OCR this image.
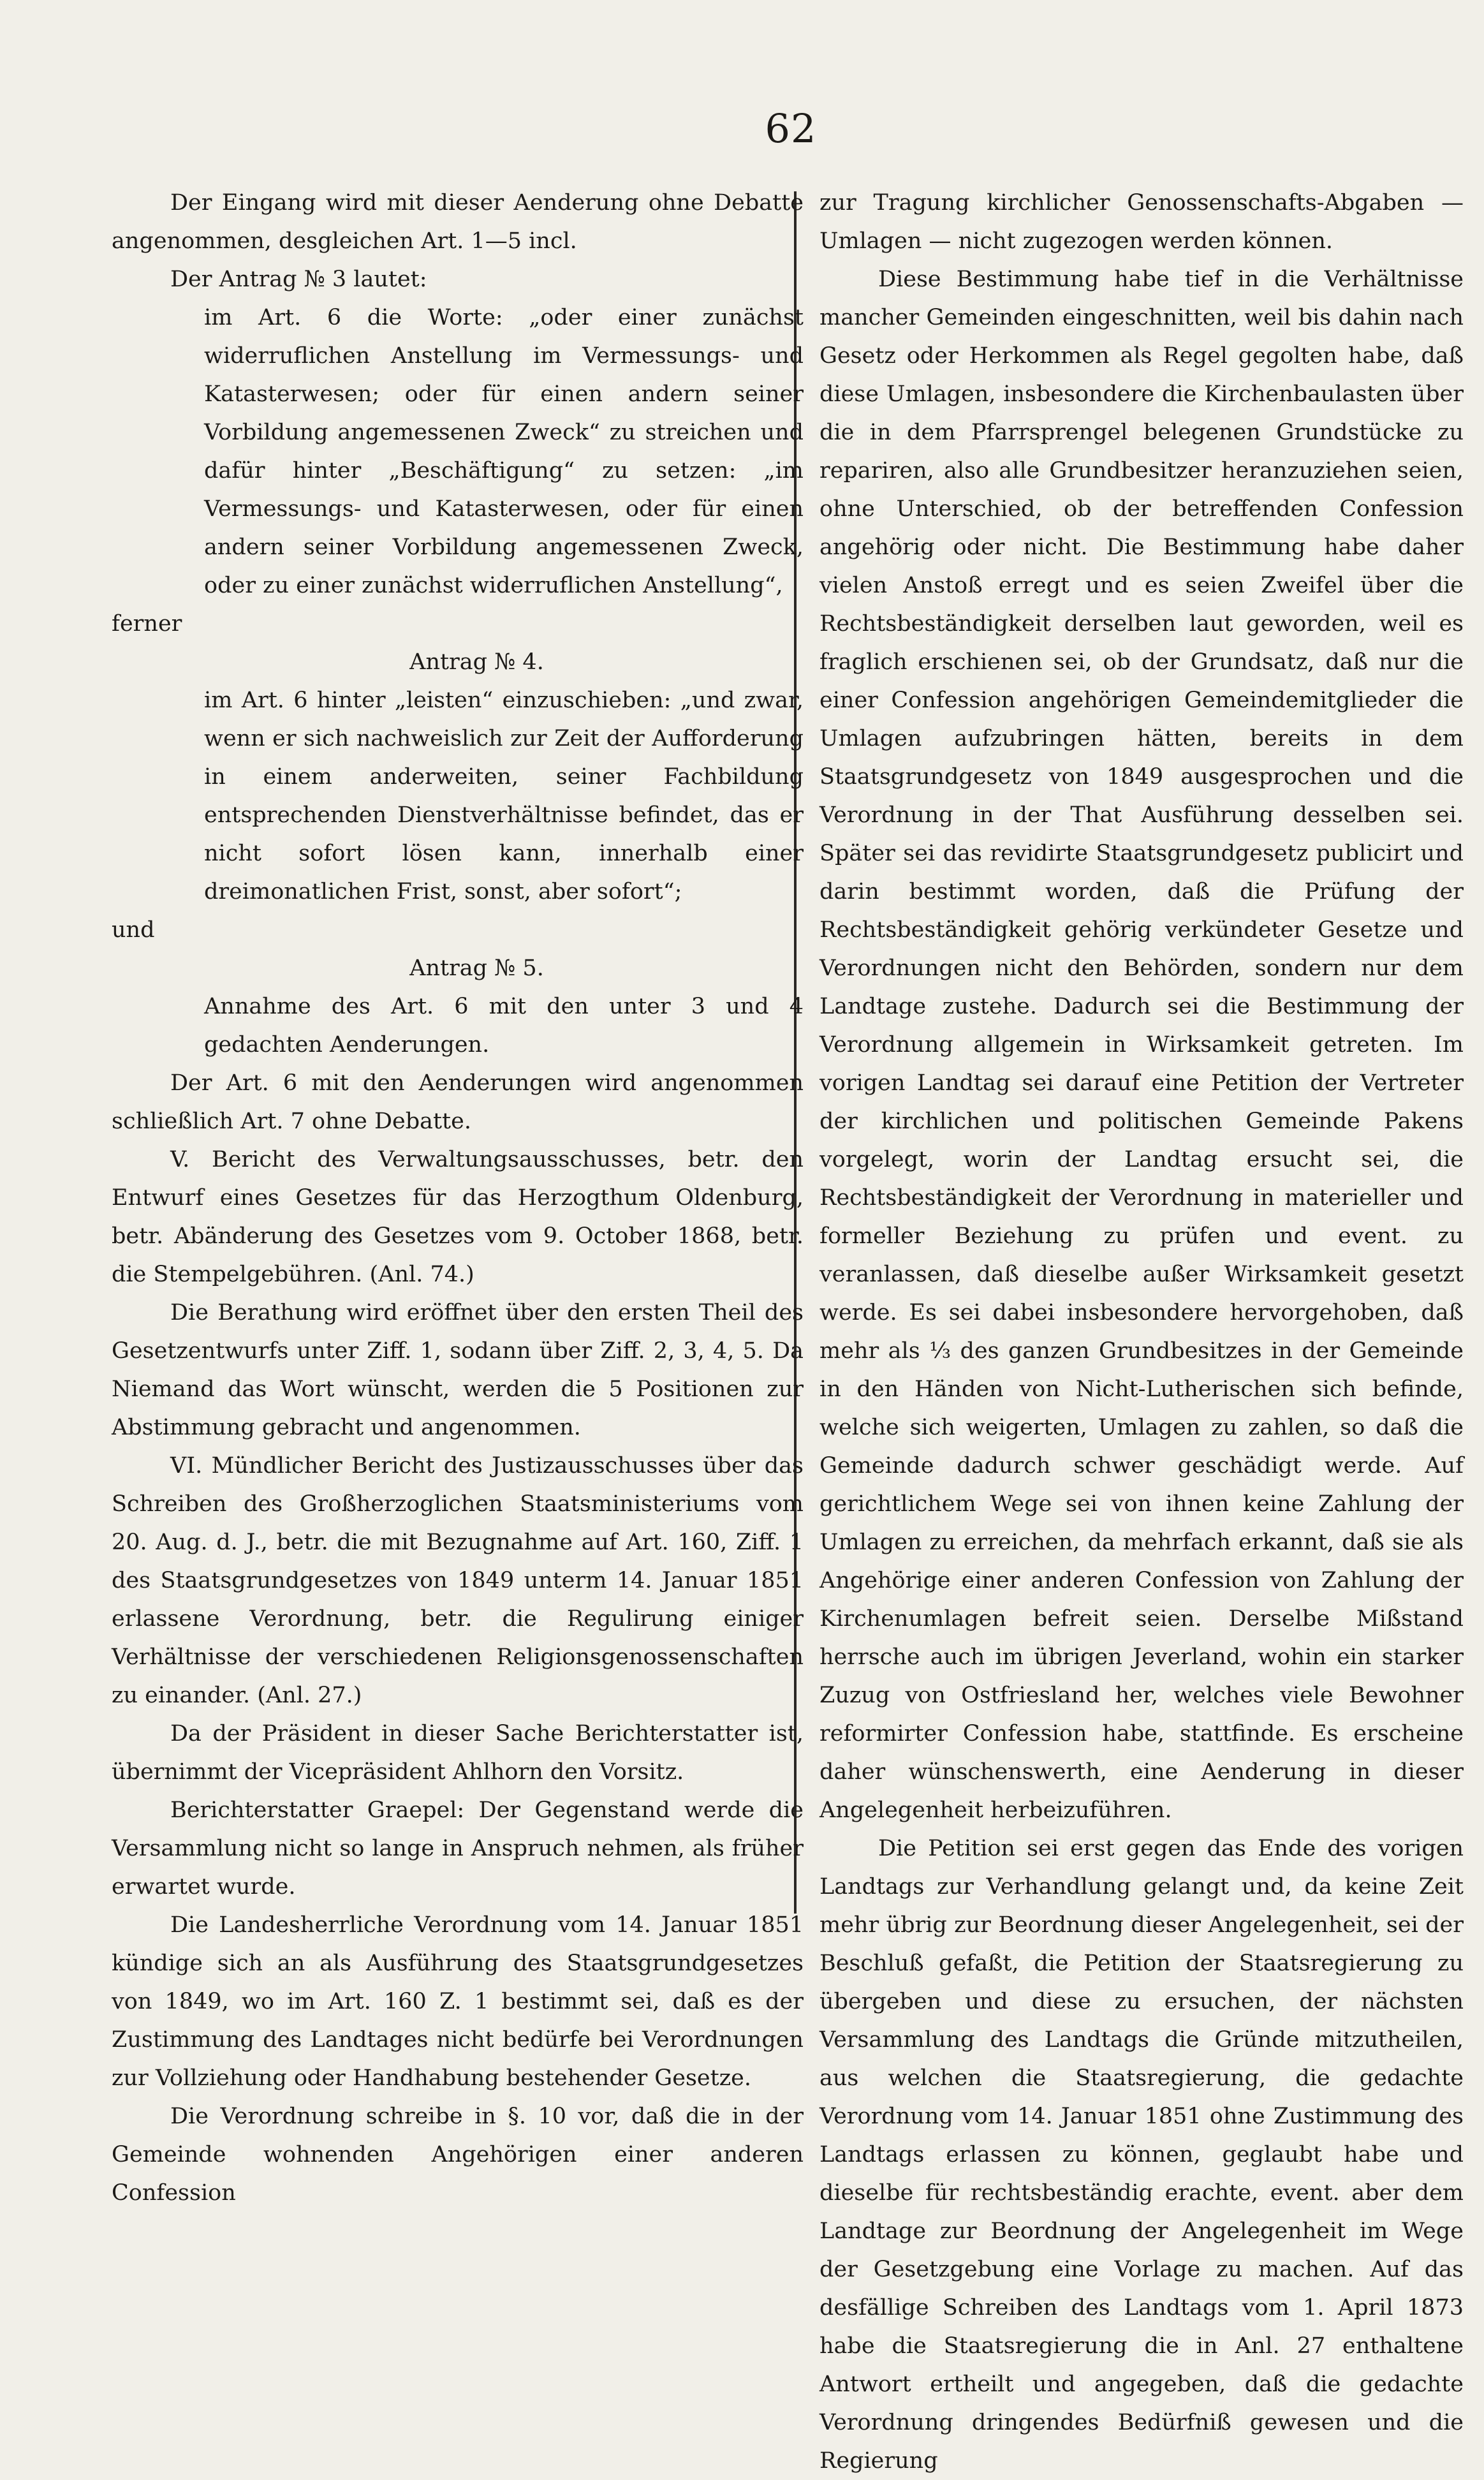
62

Der Eingang wird mit dieser Aenderung ohne Debatte angenommen, desgleichen Art. 1—5 incl.

Der Antrag № 3 lautet:

im Art. 6 die Worte: „oder einer zunächst widerruflichen Anstellung im Vermessungs- und Katasterwesen; oder für einen andern seiner Vorbildung angemessenen Zweck“ zu streichen und dafür hinter „Beschäftigung“ zu setzen: „im Vermessungs- und Katasterwesen, oder für einen andern seiner Vorbildung angemessenen Zweck, oder zu einer zunächst widerruflichen Anstellung“,

ferner

Antrag № 4.

im Art. 6 hinter „leisten“ einzuschieben: „und zwar, wenn er sich nachweislich zur Zeit der Aufforderung in einem anderweiten, seiner Fachbildung entsprechenden Dienstverhältnisse befindet, das er nicht sofort lösen kann, innerhalb einer dreimonatlichen Frist, sonst, aber sofort“;

und

Antrag № 5.

Annahme des Art. 6 mit den unter 3 und 4 gedachten Aenderungen.

Der Art. 6 mit den Aenderungen wird angenommen schließlich Art. 7 ohne Debatte.

V. Bericht des Verwaltungsausschusses, betr. den Entwurf eines Gesetzes für das Herzogthum Oldenburg, betr. Abänderung des Gesetzes vom 9. October 1868, betr. die Stempelgebühren. (Anl. 74.)

Die Berathung wird eröffnet über den ersten Theil des Gesetzentwurfs unter Ziff. 1, sodann über Ziff. 2, 3, 4, 5. Da Niemand das Wort wünscht, werden die 5 Positionen zur Abstimmung gebracht und angenommen.

VI. Mündlicher Bericht des Justizausschusses über das Schreiben des Großherzoglichen Staatsministeriums vom 20. Aug. d. J., betr. die mit Bezugnahme auf Art. 160, Ziff. 1 des Staatsgrundgesetzes von 1849 unterm 14. Januar 1851 erlassene Verordnung, betr. die Regulirung einiger Verhältnisse der verschiedenen Religionsgenossenschaften zu einander. (Anl. 27.)

Da der Präsident in dieser Sache Berichterstatter ist, übernimmt der Vicepräsident Ahlhorn den Vorsitz.

Berichterstatter Graepel: Der Gegenstand werde die Versammlung nicht so lange in Anspruch nehmen, als früher erwartet wurde.

Die Landesherrliche Verordnung vom 14. Januar 1851 kündige sich an als Ausführung des Staatsgrundgesetzes von 1849, wo im Art. 160 Z. 1 bestimmt sei, daß es der Zustimmung des Landtages nicht bedürfe bei Verordnungen zur Vollziehung oder Handhabung bestehender Gesetze.

Die Verordnung schreibe in §. 10 vor, daß die in der Gemeinde wohnenden Angehörigen einer anderen Confession

zur Tragung kirchlicher Genossenschafts-Abgaben — Umlagen — nicht zugezogen werden können.

Diese Bestimmung habe tief in die Verhältnisse mancher Gemeinden eingeschnitten, weil bis dahin nach Gesetz oder Herkommen als Regel gegolten habe, daß diese Umlagen, insbesondere die Kirchenbaulasten über die in dem Pfarrsprengel belegenen Grundstücke zu repariren, also alle Grundbesitzer heranzuziehen seien, ohne Unterschied, ob der betreffenden Confession angehörig oder nicht. Die Bestimmung habe daher vielen Anstoß erregt und es seien Zweifel über die Rechtsbeständigkeit derselben laut geworden, weil es fraglich erschienen sei, ob der Grundsatz, daß nur die einer Confession angehörigen Gemeindemitglieder die Umlagen aufzubringen hätten, bereits in dem Staatsgrundgesetz von 1849 ausgesprochen und die Verordnung in der That Ausführung desselben sei. Später sei das revidirte Staatsgrundgesetz publicirt und darin bestimmt worden, daß die Prüfung der Rechtsbeständigkeit gehörig verkündeter Gesetze und Verordnungen nicht den Behörden, sondern nur dem Landtage zustehe. Dadurch sei die Bestimmung der Verordnung allgemein in Wirksamkeit getreten. Im vorigen Landtag sei darauf eine Petition der Vertreter der kirchlichen und politischen Gemeinde Pakens vorgelegt, worin der Landtag ersucht sei, die Rechtsbeständigkeit der Verordnung in materieller und formeller Beziehung zu prüfen und event. zu veranlassen, daß dieselbe außer Wirksamkeit gesetzt werde. Es sei dabei insbesondere hervorgehoben, daß mehr als ⅓ des ganzen Grundbesitzes in der Gemeinde in den Händen von Nicht-Lutherischen sich befinde, welche sich weigerten, Umlagen zu zahlen, so daß die Gemeinde dadurch schwer geschädigt werde. Auf gerichtlichem Wege sei von ihnen keine Zahlung der Umlagen zu erreichen, da mehrfach erkannt, daß sie als Angehörige einer anderen Confession von Zahlung der Kirchenumlagen befreit seien. Derselbe Mißstand herrsche auch im übrigen Jeverland, wohin ein starker Zuzug von Ostfriesland her, welches viele Bewohner reformirter Confession habe, stattfinde. Es erscheine daher wünschenswerth, eine Aenderung in dieser Angelegenheit herbeizuführen.

Die Petition sei erst gegen das Ende des vorigen Landtags zur Verhandlung gelangt und, da keine Zeit mehr übrig zur Beordnung dieser Angelegenheit, sei der Beschluß gefaßt, die Petition der Staatsregierung zu übergeben und diese zu ersuchen, der nächsten Versammlung des Landtags die Gründe mitzutheilen, aus welchen die Staatsregierung, die gedachte Verordnung vom 14. Januar 1851 ohne Zustimmung des Landtags erlassen zu können, geglaubt habe und dieselbe für rechtsbeständig erachte, event. aber dem Landtage zur Beordnung der Angelegenheit im Wege der Gesetzgebung eine Vorlage zu machen. Auf das desfällige Schreiben des Landtags vom 1. April 1873 habe die Staatsregierung die in Anl. 27 enthaltene Antwort ertheilt und angegeben, daß die gedachte Verordnung dringendes Bedürfniß gewesen und die Regierung
